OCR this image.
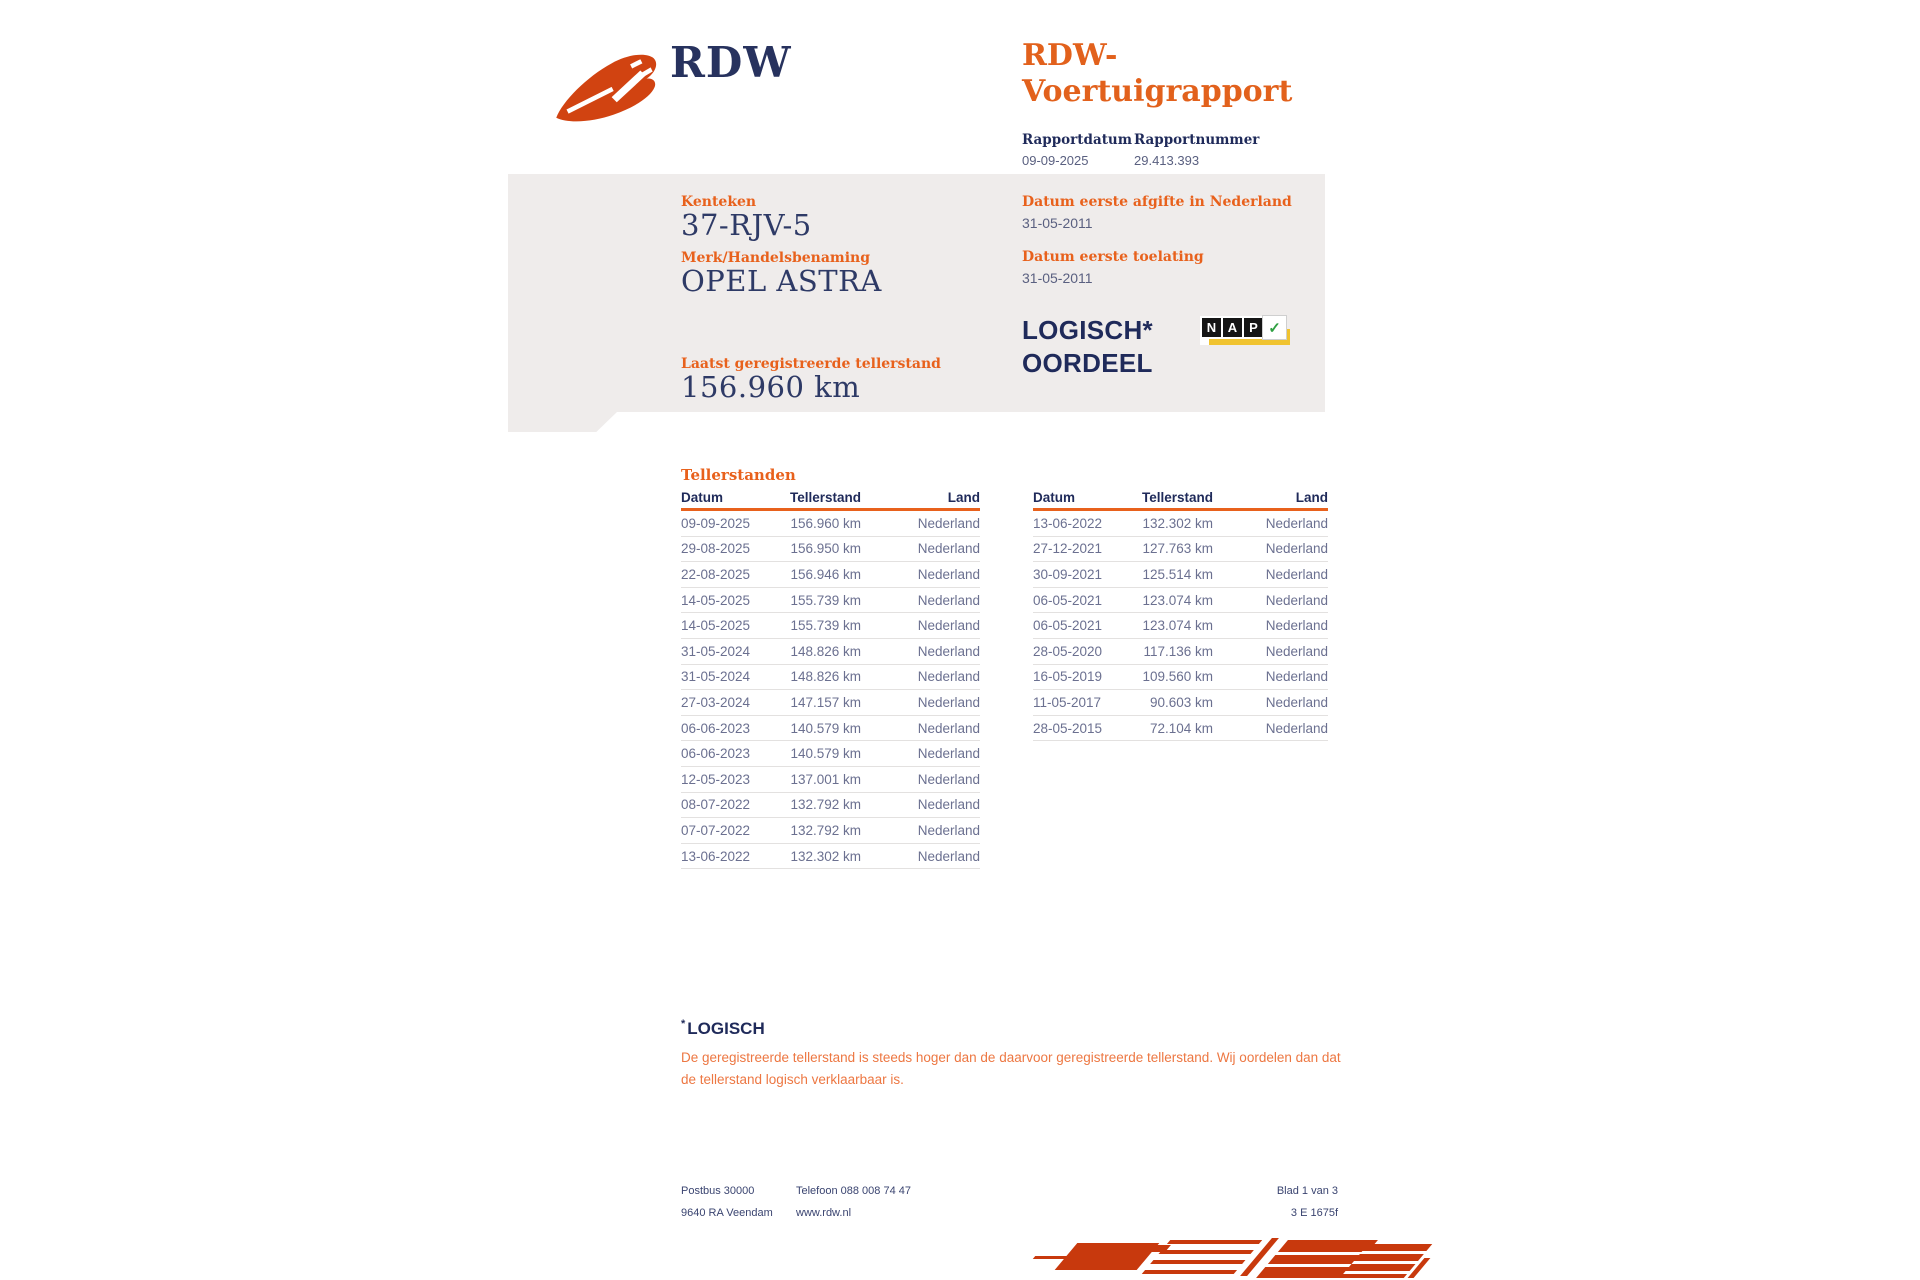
RDW	RDW-Voertuigrapport
Rapportdatum Rapportnummer
09-09-2025	29.413.393
Kenteken
37-RJV-5
Merk/Handelsbenaming
OPEL ASTRA
Laatst geregistreerde tellerstand
156.960 km
Datum eerste afgifte in Nederland
31-05-2011
Datum eerste toelating
31-05-2011
LOGISCH*
OORDEEL
N A P ✓
Tellerstanden
Datum	Tellerstand	Land
09-09-2025	156.960 km	Nederland
29-08-2025	156.950 km	Nederland
22-08-2025	156.946 km	Nederland
14-05-2025	155.739 km	Nederland
14-05-2025	155.739 km	Nederland
31-05-2024	148.826 km	Nederland
31-05-2024	148.826 km	Nederland
27-03-2024	147.157 km	Nederland
06-06-2023	140.579 km	Nederland
06-06-2023	140.579 km	Nederland
12-05-2023	137.001 km	Nederland
08-07-2022	132.792 km	Nederland
07-07-2022	132.792 km	Nederland
13-06-2022	132.302 km	Nederland
Datum	Tellerstand	Land
13-06-2022	132.302 km	Nederland
27-12-2021	127.763 km	Nederland
30-09-2021	125.514 km	Nederland
06-05-2021	123.074 km	Nederland
06-05-2021	123.074 km	Nederland
28-05-2020	117.136 km	Nederland
16-05-2019	109.560 km	Nederland
11-05-2017	90.603 km	Nederland
28-05-2015	72.104 km	Nederland
* LOGISCH
De geregistreerde tellerstand is steeds hoger dan de daarvoor geregistreerde tellerstand. Wij oordelen dan dat de tellerstand logisch verklaarbaar is.
Postbus 30000
9640 RA Veendam
Telefoon 088 008 74 47
www.rdw.nl
Blad 1 van 3
3 E 1675f
